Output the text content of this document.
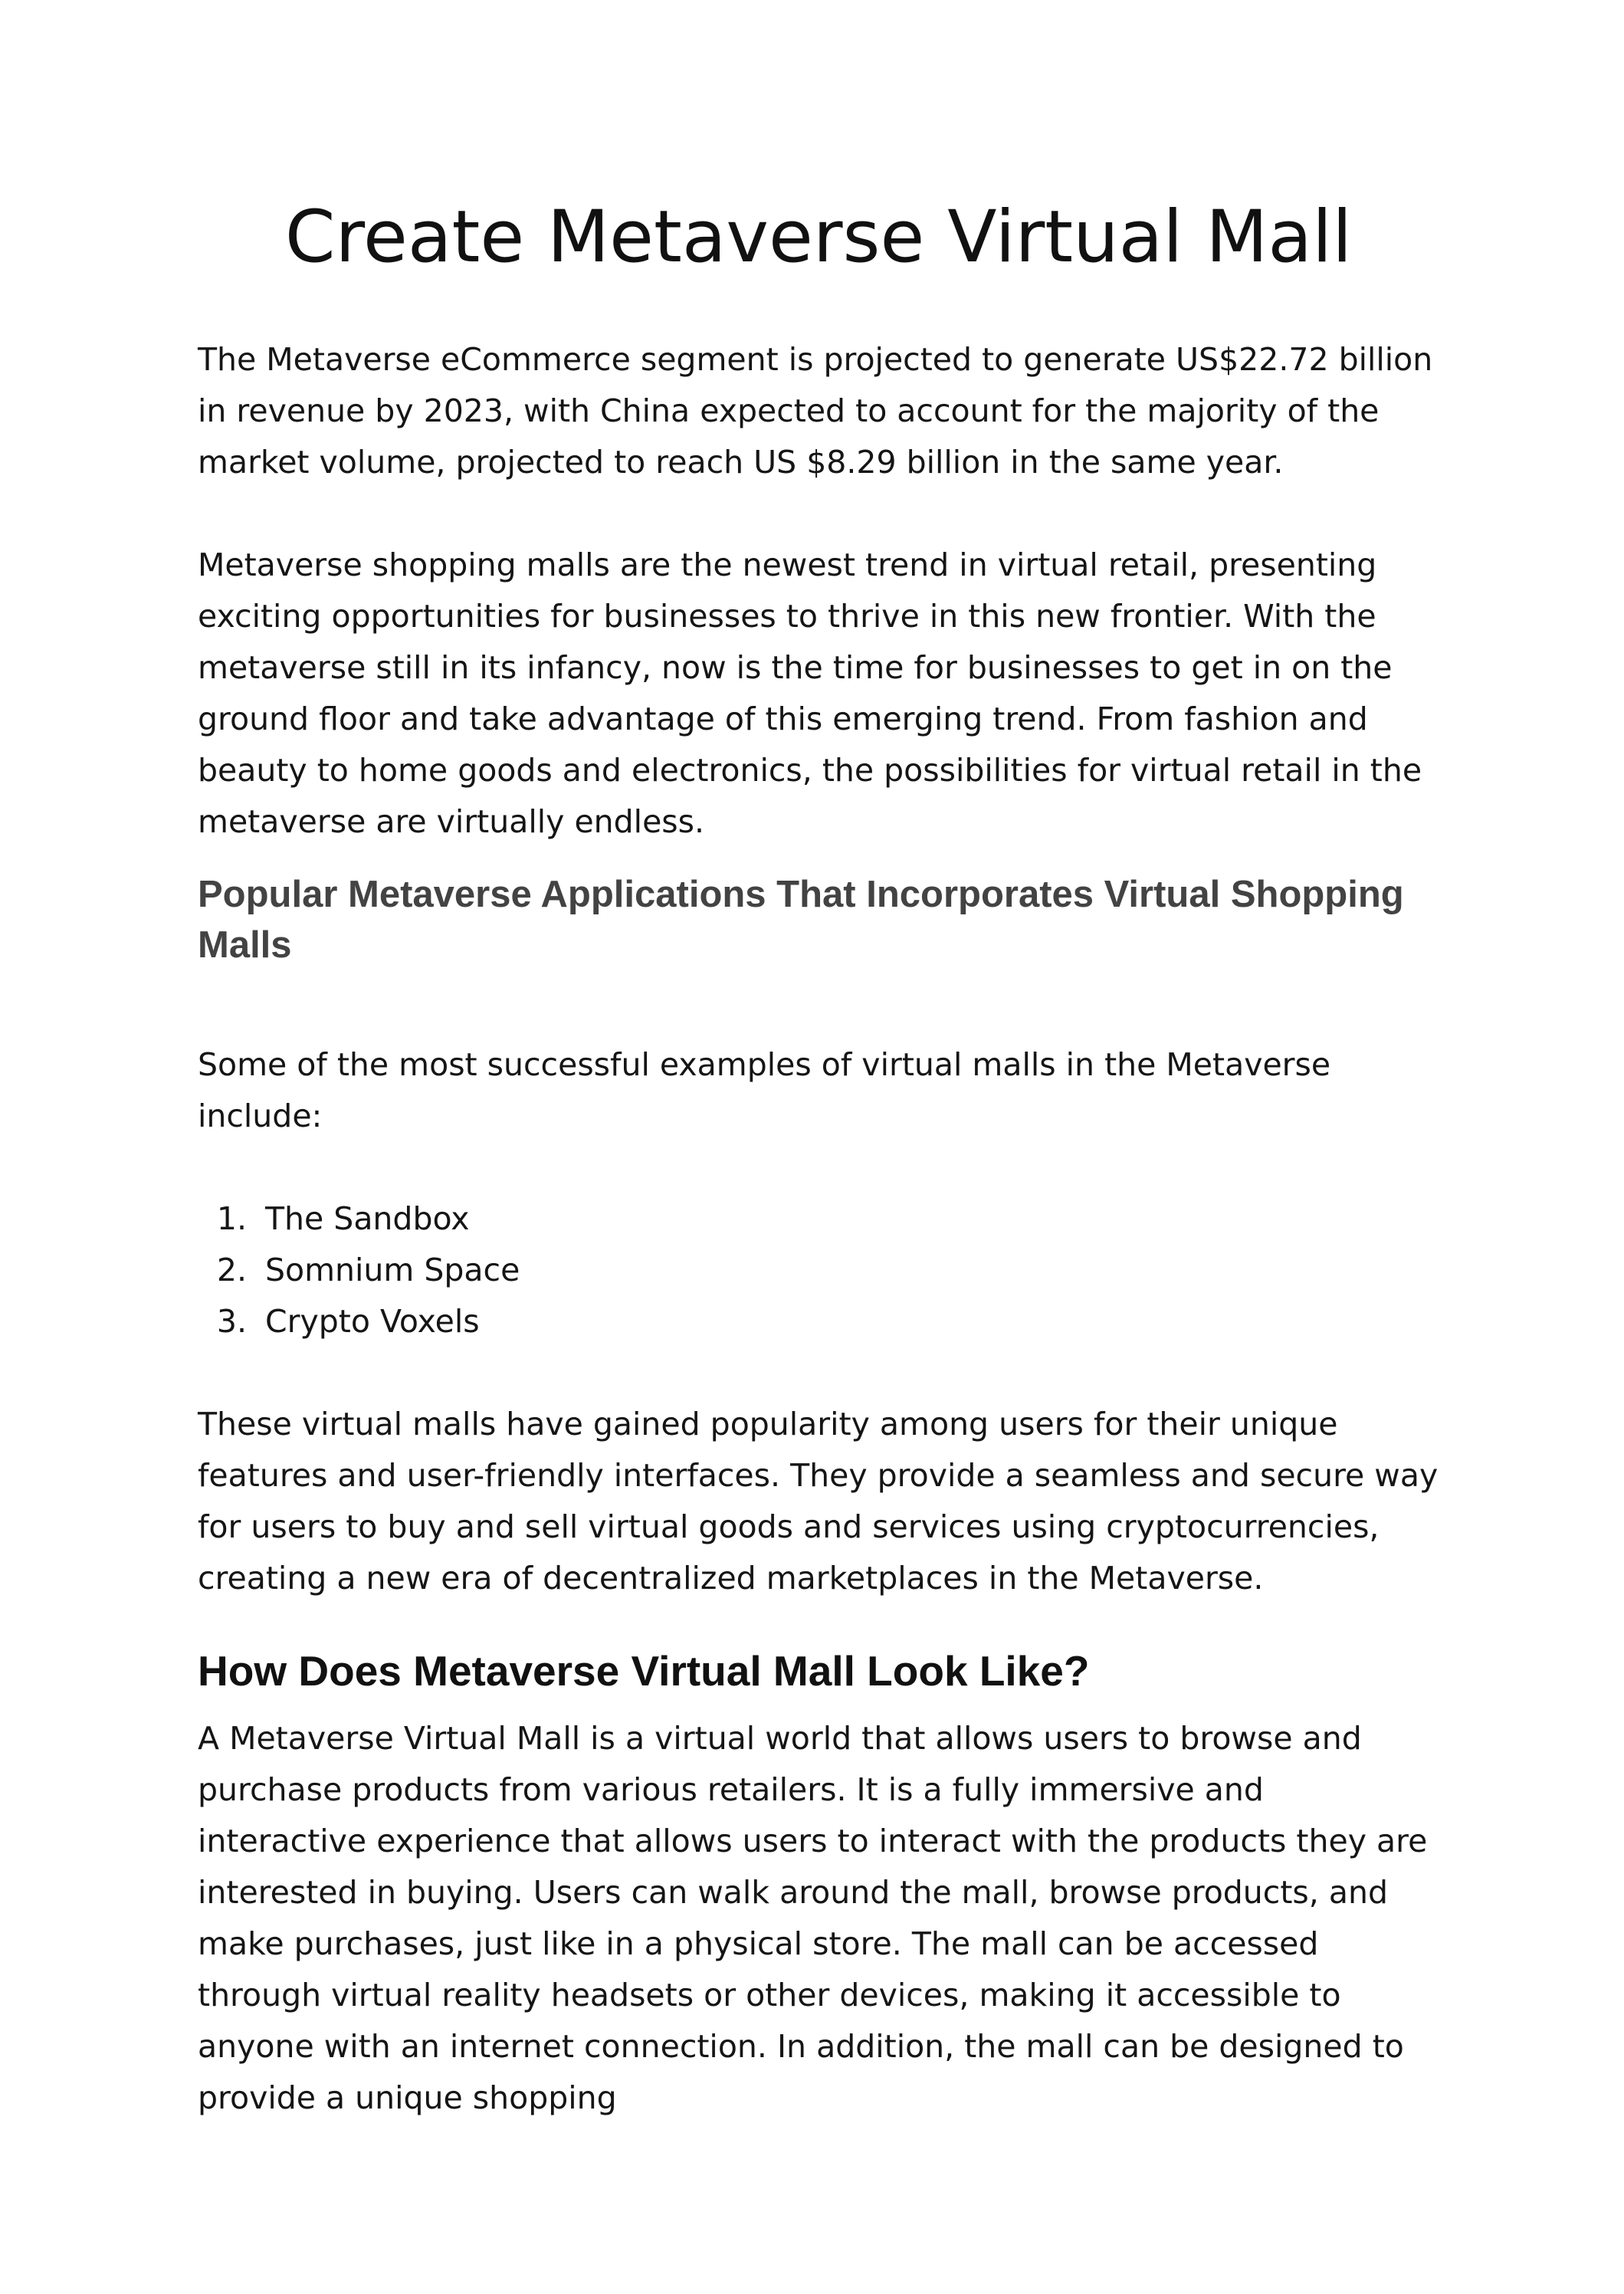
Create Metaverse Virtual Mall

The Metaverse eCommerce segment is projected to generate US$22.72 billion in revenue by 2023, with China expected to account for the majority of the market volume, projected to reach US $8.29 billion in the same year.

Metaverse shopping malls are the newest trend in virtual retail, presenting exciting opportunities for businesses to thrive in this new frontier. With the metaverse still in its infancy, now is the time for businesses to get in on the ground floor and take advantage of this emerging trend. From fashion and beauty to home goods and electronics, the possibilities for virtual retail in the metaverse are virtually endless.

Popular Metaverse Applications That Incorporates Virtual Shopping Malls

Some of the most successful examples of virtual malls in the Metaverse include:

1. The Sandbox
2. Somnium Space
3. Crypto Voxels

These virtual malls have gained popularity among users for their unique features and user-friendly interfaces. They provide a seamless and secure way for users to buy and sell virtual goods and services using cryptocurrencies, creating a new era of decentralized marketplaces in the Metaverse.

How Does Metaverse Virtual Mall Look Like?

A Metaverse Virtual Mall is a virtual world that allows users to browse and purchase products from various retailers. It is a fully immersive and interactive experience that allows users to interact with the products they are interested in buying. Users can walk around the mall, browse products, and make purchases, just like in a physical store. The mall can be accessed through virtual reality headsets or other devices, making it accessible to anyone with an internet connection. In addition, the mall can be designed to provide a unique shopping
